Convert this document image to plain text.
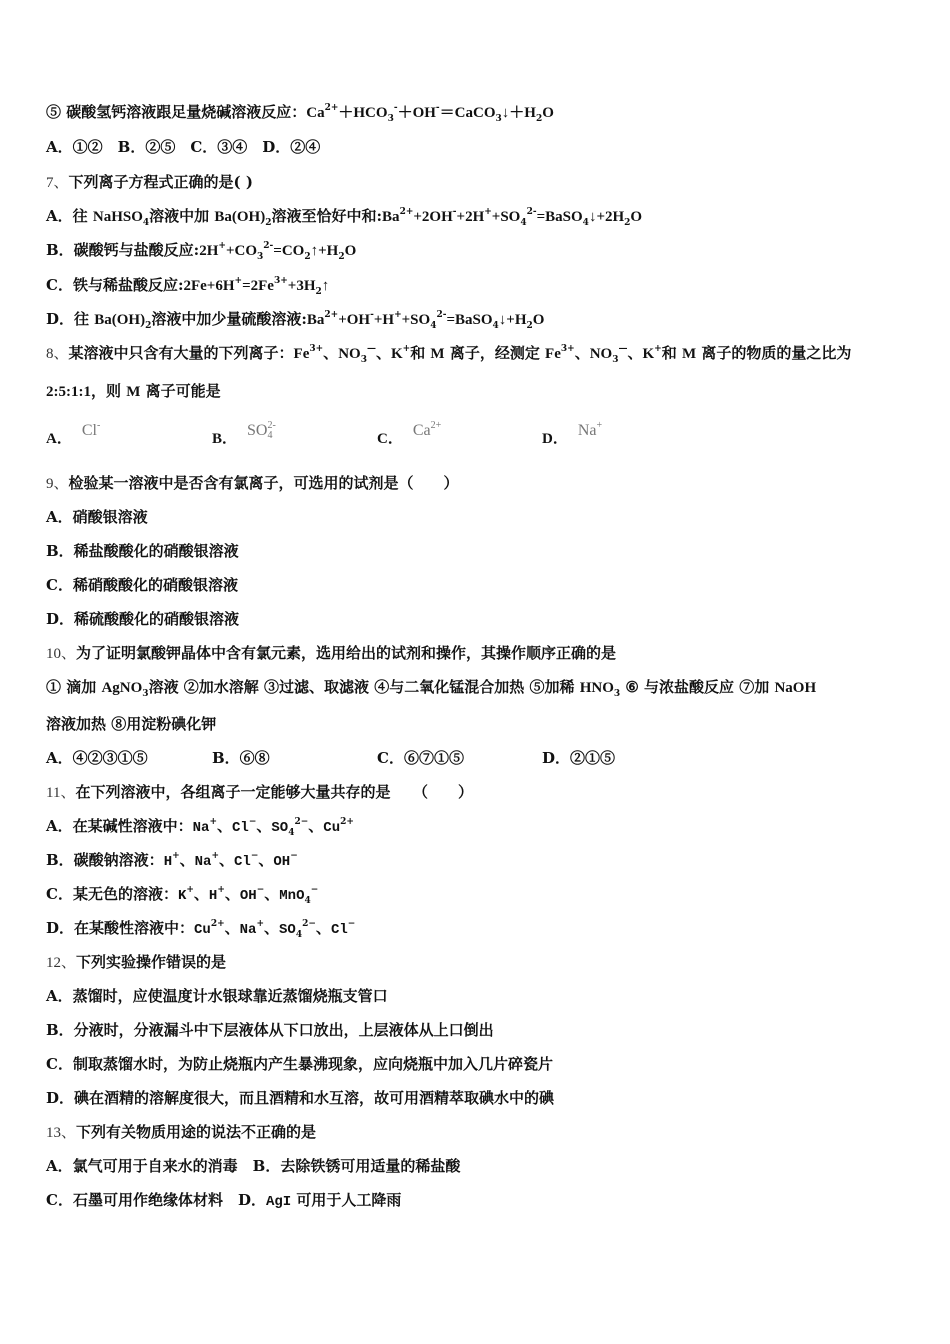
⑤ 碳酸氢钙溶液跟足量烧碱溶液反应：$Ca^{2+}+HCO_3^-+OH^-=CaCO_3↓+H_2O$
A．①②　B．②⑤　C．③④　D．②④
7、下列离子方程式正确的是( )
A．往 NaHSO$_4$溶液中加 $Ba(OH)_2$溶液至恰好中和$:Ba^{2+}+2OH^-+2H^++SO_4^{2-}=BaSO_4↓+2H_2O$
B．碳酸钙与盐酸反应$:2H^++CO_3^{2-}=CO_2↑+H_2O$
C．铁与稀盐酸反应$:2Fe+6H^+=2Fe^{3+}+3H_2↑$
D．往 $Ba(OH)_2$溶液中加少量硫酸溶液$:Ba^{2+}+OH^-+H^++SO_4^{2-}=BaSO_4↓+H_2O$
8、某溶液中只含有大量的下列离子：$Fe^{3+}$、$NO_3^—$、K+和 M 离子，经测定 $Fe^{3+}$、$NO_3^—$、K+和 M 离子的物质的量之比为
2:5:1:1，则 M 离子可能是
9、检验某一溶液中是否含有氯离子，可选用的试剂是（　　）
A．硝酸银溶液
B．稀盐酸酸化的硝酸银溶液
C．稀硝酸酸化的硝酸银溶液
D．稀硫酸酸化的硝酸银溶液
10、为了证明氯酸钾晶体中含有氯元素，选用给出的试剂和操作，其操作顺序正确的是
① 滴加 AgNO$_3$溶液 ②加水溶解 ③过滤、取滤液 ④与二氧化锰混合加热 ⑤加稀 $HNO_3$ ⑥ 与浓盐酸反应 ⑦加 NaOH
溶液加热 ⑧用淀粉碘化钾
11、在下列溶液中，各组离子一定能够大量共存的是　　（　　）
A．在某碱性溶液中：Na+、Cl−、$SO_4^{2-}$、$Cu^{2+}$
B．碳酸钠溶液：H+、Na+、Cl−、OH−
C．某无色的溶液：K+、H+、OH−、MnO$_4$−
D．在某酸性溶液中：$Cu^{2+}$、Na+、$SO_4^{2-}$、Cl−
12、下列实验操作错误的是
A．蒸馏时，应使温度计水银球靠近蒸馏烧瓶支管口
B．分液时，分液漏斗中下层液体从下口放出，上层液体从上口倒出
C．制取蒸馏水时，为防止烧瓶内产生暴沸现象，应向烧瓶中加入几片碎瓷片
D．碘在酒精的溶解度很大，而且酒精和水互溶，故可用酒精萃取碘水中的碘
13、下列有关物质用途的说法不正确的是
A．氯气可用于自来水的消毒　B．去除铁锈可用适量的稀盐酸
C．石墨可用作绝缘体材料　D．AgI 可用于人工降雨
A． Cl-
B． SO 2-
4	C． $Ca^{2+}$
D． Na+
A．④②③①⑤	B．⑥⑧	C．⑥⑦①⑤	D．②①⑤
